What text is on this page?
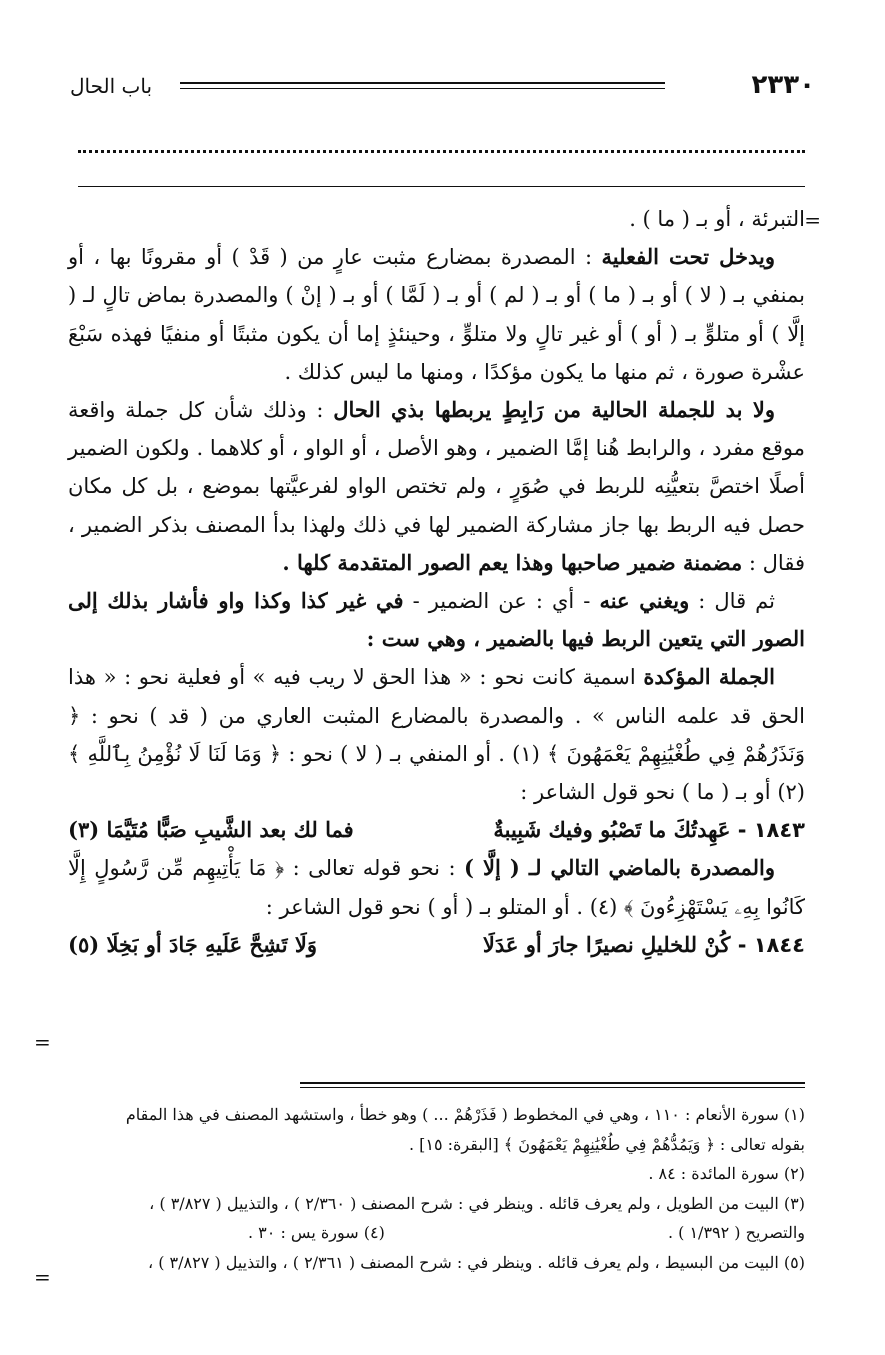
٢٣٣٠
باب الحال
=

التبرئة ، أو بـ ( ما ) .

ويدخل تحت الفعلية : المصدرة بمضارع مثبت عارٍ من ( قَدْ ) أو مقرونًا بها ، أو بمنفي بـ ( لا ) أو بـ ( ما ) أو بـ ( لم ) أو بـ ( لَمَّا ) أو بـ ( إنْ ) والمصدرة بماض تالٍ لـ ( إلَّا ) أو متلوٍّ بـ ( أو ) أو غير تالٍ ولا متلوٍّ ، وحينئذٍ إما أن يكون مثبتًا أو منفيًا فهذه سَبْعَ عشْرة صورة ، ثم منها ما يكون مؤكدًا ، ومنها ما ليس كذلك .

ولا بد للجملة الحالية من رَابِطٍ يربطها بذي الحال : وذلك شأن كل جملة واقعة موقع مفرد ، والرابط هُنا إمَّا الضمير ، وهو الأصل ، أو الواو ، أو كلاهما . ولكون الضمير أصلًا اختصَّ بتعيُّنِه للربط في صُوَرٍ ، ولم تختص الواو لفرعيَّتها بموضع ، بل كل مكان حصل فيه الربط بها جاز مشاركة الضمير لها في ذلك ولهذا بدأ المصنف بذكر الضمير ، فقال : مضمنة ضمير صاحبها وهذا يعم الصور المتقدمة كلها .

ثم قال : ويغني عنه - أي : عن الضمير - في غير كذا وكذا واو فأشار بذلك إلى الصور التي يتعين الربط فيها بالضمير ، وهي ست :

الجملة المؤكدة اسمية كانت نحو : « هذا الحق لا ريب فيه » أو فعلية نحو : « هذا الحق قد علمه الناس » . والمصدرة بالمضارع المثبت العاري من ( قد ) نحو : ﴿ وَنَذَرُهُمْ فِي طُغْيَٰنِهِمْ يَعْمَهُونَ ﴾ (١) . أو المنفي بـ ( لا ) نحو : ﴿ وَمَا لَنَا لَا نُؤْمِنُ بِٱللَّهِ ﴾ (٢) أو بـ ( ما ) نحو قول الشاعر :

١٨٤٣ - عَهِدتُكَ ما تَصْبُو وفيك شَبِيبةٌ
فما لك بعد الشَّيبِ صَبًّا مُتَيَّمَا (٣)

والمصدرة بالماضي التالي لـ ( إلَّا ) : نحو قوله تعالى : ﴿ مَا يَأْتِيهِم مِّن رَّسُولٍ إِلَّا كَانُوا بِهِۦ يَسْتَهْزِءُونَ ﴾ (٤) . أو المتلو بـ ( أو ) نحو قول الشاعر :

١٨٤٤ - كُنْ للخليلِ نصيرًا جارَ أو عَدَلَا
وَلَا تَشِحَّ عَلَيهِ جَادَ أو بَخِلَا (٥)
=

(١) سورة الأنعام : ١١٠ ، وهي في المخطوط ( فَذَرْهُمْ ... ) وهو خطأ ، واستشهد المصنف في هذا المقام

بقوله تعالى : ﴿ وَيَمُدُّهُمْ فِي طُغْيَٰنِهِمْ يَعْمَهُونَ ﴾ [البقرة: ١٥] .

(٢) سورة المائدة : ٨٤ .

(٣) البيت من الطويل ، ولم يعرف قائله . وينظر في : شرح المصنف ( ٢/٣٦٠ ) ، والتذييل ( ٣/٨٢٧ ) ،

والتصريح ( ١/٣٩٢ ) .
(٤) سورة يس : ٣٠ .

(٥) البيت من البسيط ، ولم يعرف قائله . وينظر في : شرح المصنف ( ٢/٣٦١ ) ، والتذييل ( ٣/٨٢٧ ) ،

=
